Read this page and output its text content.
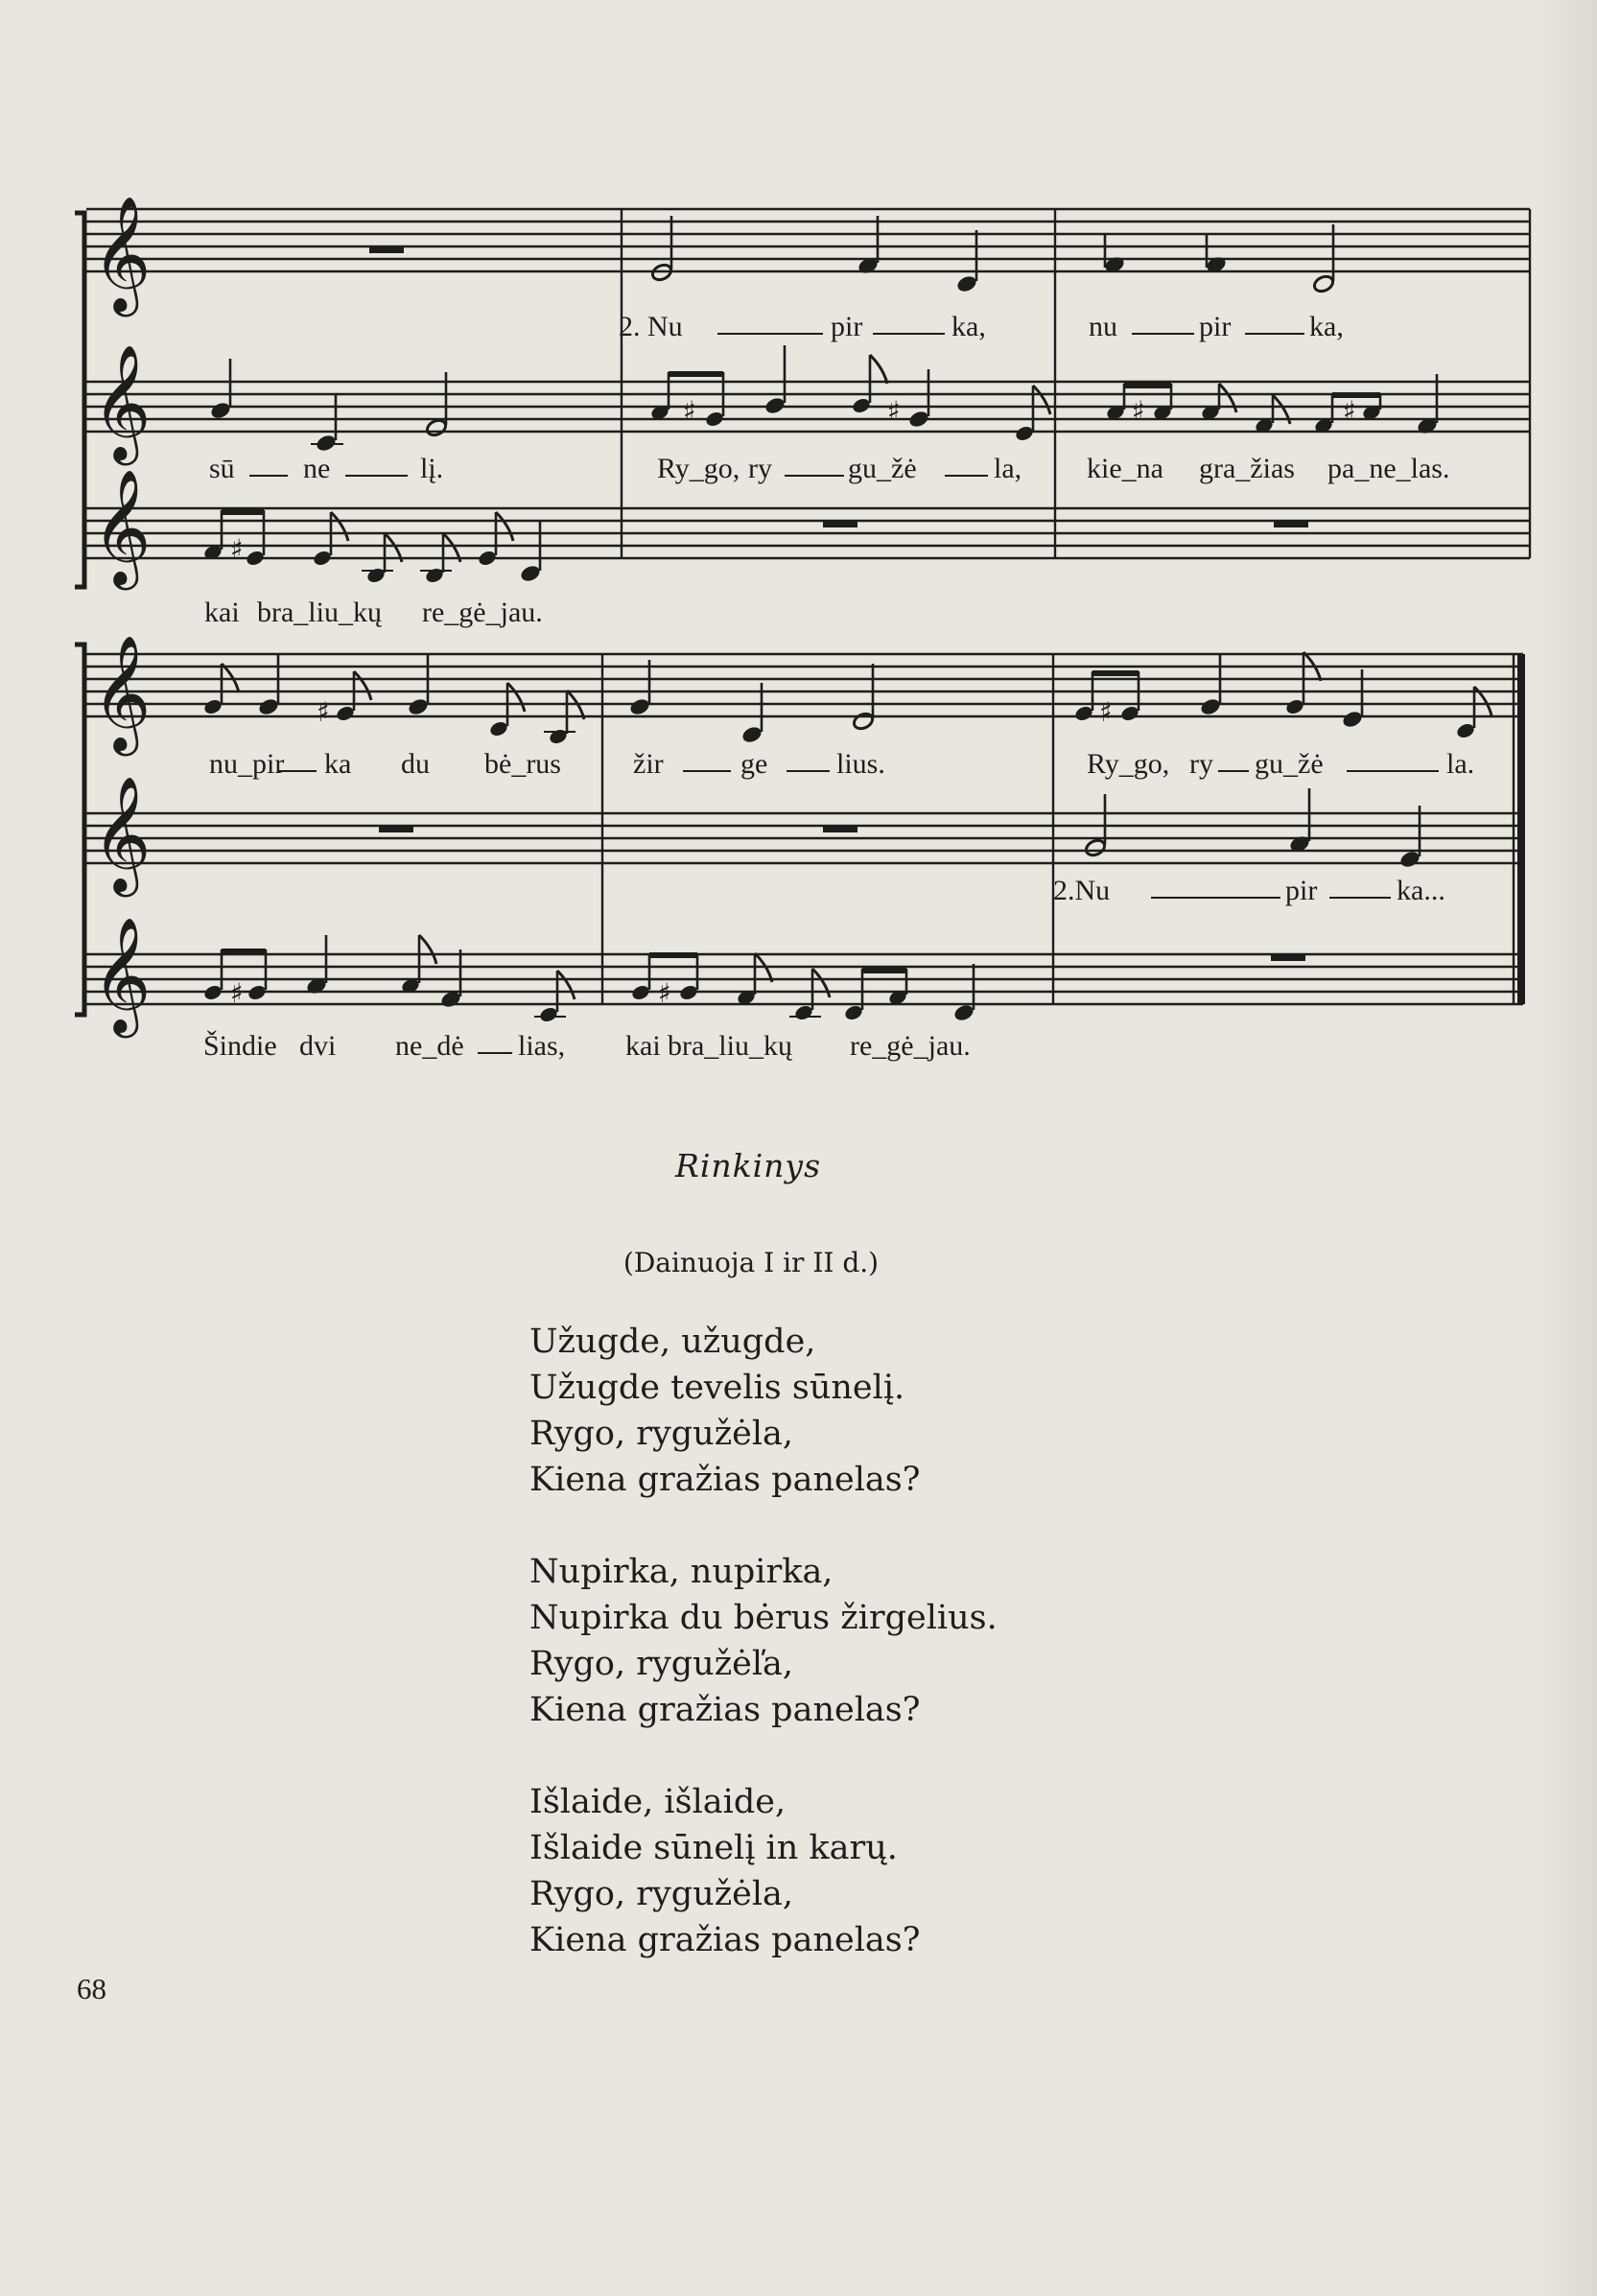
𝄞
𝄞
𝄞
2. Nu	pir	ka,	nu	pir	ka,
♯	♯	♯	♯
sū ne	lį.	Ry_go, ry	gu_žė	la, kie_na gra_žias pa_ne_las.
♯
kai bra_liu_kų re_gė_jau.
𝄞
𝄞
𝄞
♯	♯
nu_pir ka du bė_rus	žir	ge lius.	Ry_go, ry gu_žė	la.
2.Nu	pir	ka...
♯	♯
Šindie dvi ne_dė lias, kai bra_liu_kų re_gė_jau.
Rinkinys
(Dainuoja I ir II d.)
Užugde, užugde,
Užugde tevelis sūnelį.
Rygo, rygužėla,
Kiena gražias panelas?
Nupirka, nupirka,
Nupirka du bėrus žirgelius.
Rygo, rygužėľa,
Kiena gražias panelas?
Išlaide, išlaide,
Išlaide sūnelį in karų.
Rygo, rygužėla,
Kiena gražias panelas?
68
